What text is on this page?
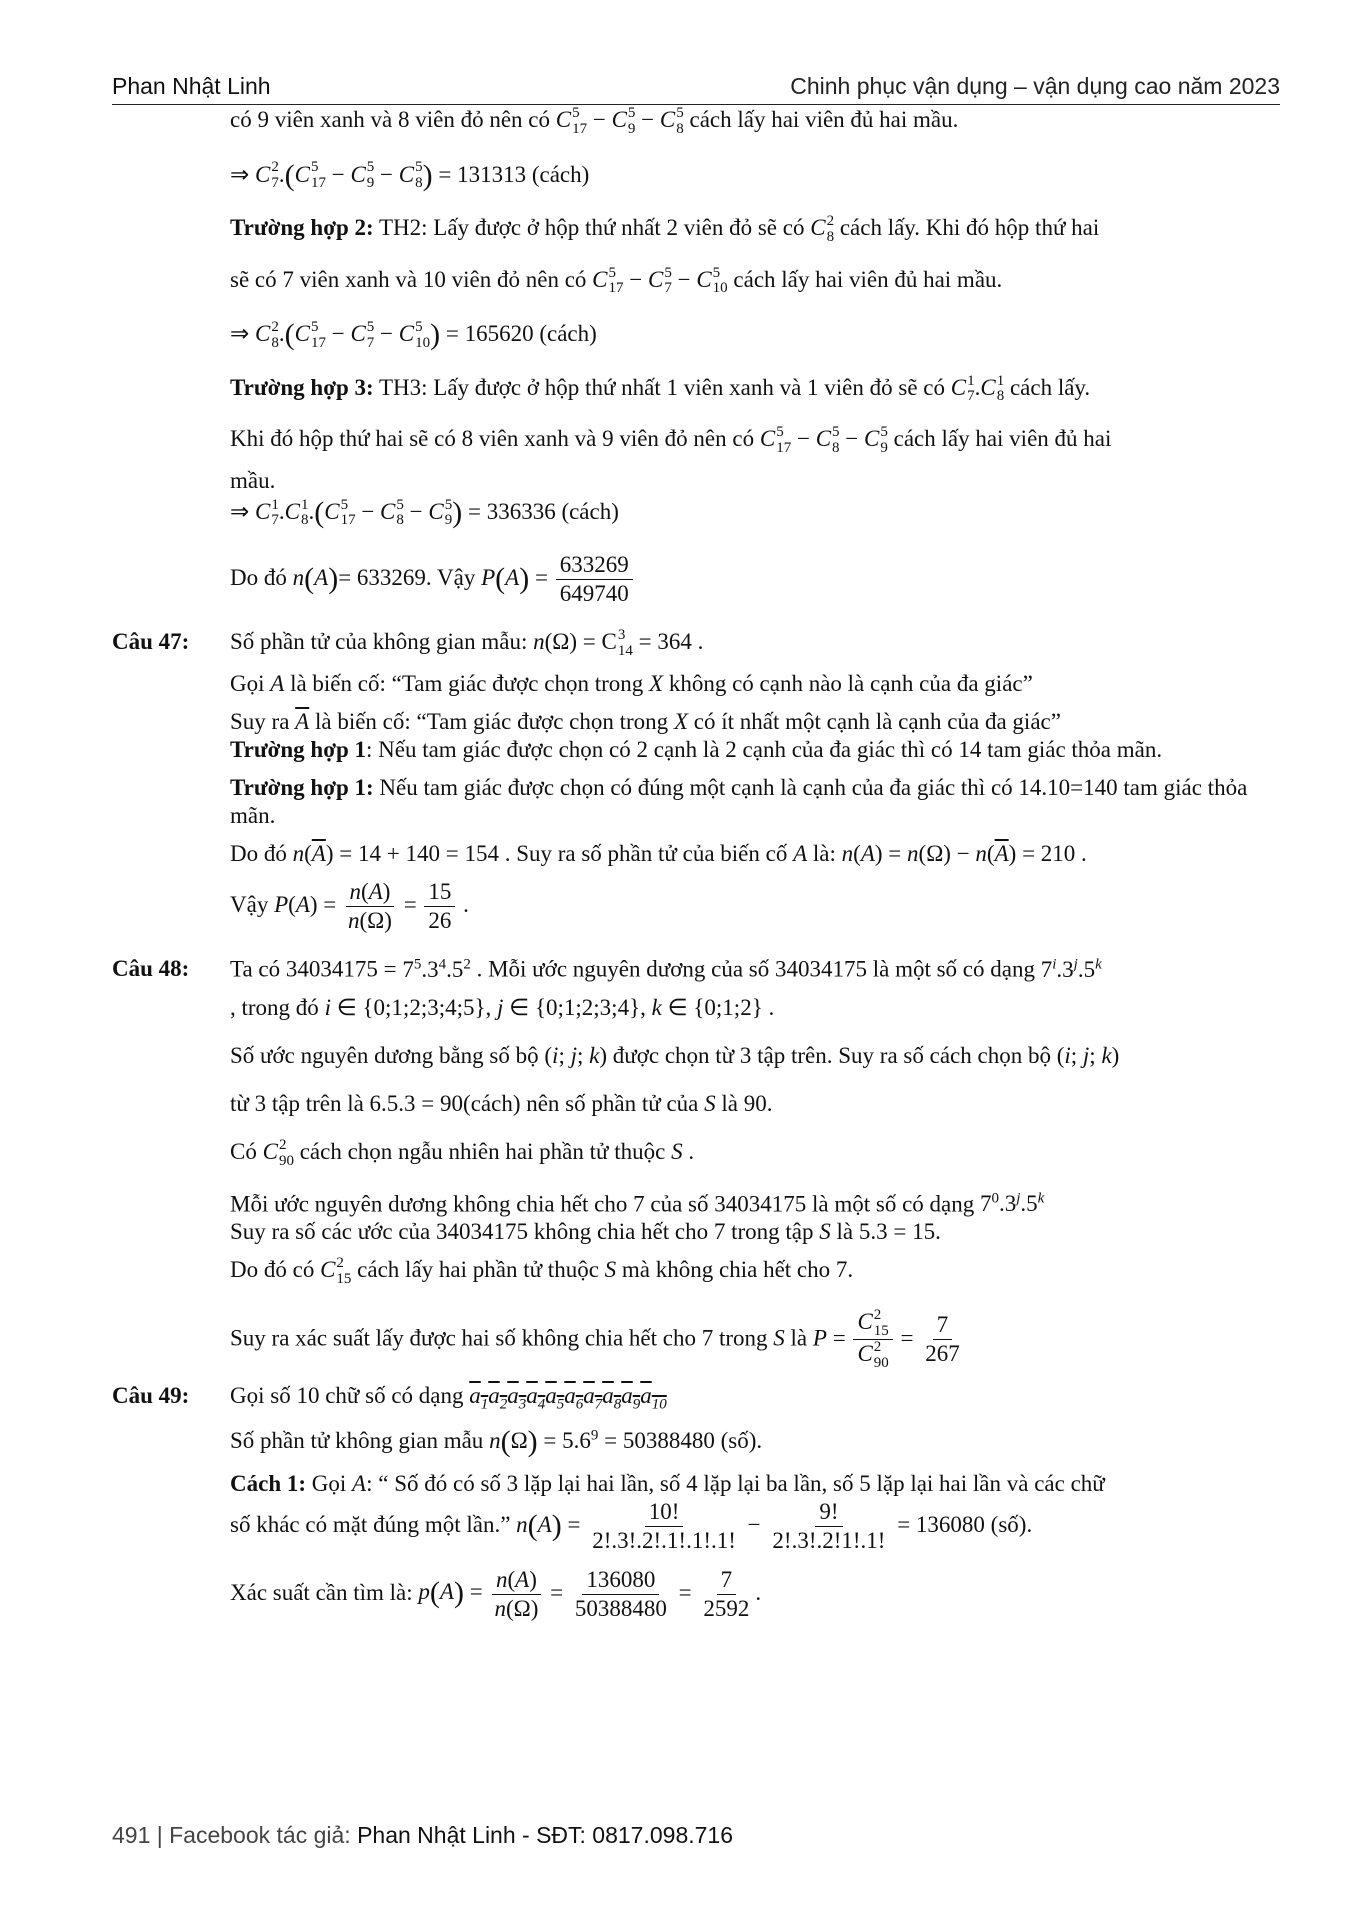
Phan Nhật Linh	Chinh phục vận dụng – vận dụng cao năm 2023

có 9 viên xanh và 8 viên đỏ nên có C 5
17 − C 5
9 − C 5
8 cách lấy hai viên đủ hai mầu.

⇒ C 2
7 .(C 5
17 − C 5
9 − C 5
8 ) = 131313 (cách)

Trường hợp 2: TH2: Lấy được ở hộp thứ nhất 2 viên đỏ sẽ có C 2
8 cách lấy. Khi đó hộp thứ hai

sẽ có 7 viên xanh và 10 viên đỏ nên có C 5
17 − C 5
7 − C 5
10 cách lấy hai viên đủ hai mầu.

⇒ C 2
8 .(C 5
17 − C 5
7 − C 5
10 ) = 165620 (cách)

Trường hợp 3: TH3: Lấy được ở hộp thứ nhất 1 viên xanh và 1 viên đỏ sẽ có C 1
7 .C 1
8 cách lấy.

Khi đó hộp thứ hai sẽ có 8 viên xanh và 9 viên đỏ nên có C 5
17 − C 5
8 − C 5
9 cách lấy hai viên đủ hai

mầu.

⇒ C 1
7 .C 1
8 .(C 5
17 − C 5
8 − C 5
9 ) = 336336 (cách)

Do đó n(A)= 633269. Vậy $P(A) = \frac{633269}{649740}$

Câu 47: Số phần tử của không gian mẫu: n(Ω) = C 3
14 = 364 .

Gọi A là biến cố: “Tam giác được chọn trong X không có cạnh nào là cạnh của đa giác”

Suy ra $\overline{A}$ là biến cố: “Tam giác được chọn trong X có ít nhất một cạnh là cạnh của đa giác”

Trường hợp 1: Nếu tam giác được chọn có 2 cạnh là 2 cạnh của đa giác thì có 14 tam giác thỏa mãn.

Trường hợp 1: Nếu tam giác được chọn có đúng một cạnh là cạnh của đa giác thì có 14.10=140 tam giác thỏa mãn.

Do đó $n(\overline{A}) = 14 + 140 = 154$ . Suy ra số phần tử của biến cố A là: $n(A) = n(\Omega) - n(\overline{A}) = 210$ .

Vậy $P(A) = \frac{n(A)}{n(\Omega)} = \frac{15}{26}$ .

Câu 48: Ta có $34034175 = 7^5.3^4.5^2$ . Mỗi ước nguyên dương của số 34034175 là một số có dạng 7$^i$.3$^j$.5$^k$

, trong đó i ∈ {0;1;2;3;4;5}, j ∈ {0;1;2;3;4}, k ∈ {0;1;2} .

Số ước nguyên dương bằng số bộ (i; j; k) được chọn từ 3 tập trên. Suy ra số cách chọn bộ (i; j; k)

từ 3 tập trên là 6.5.3 = 90(cách) nên số phần tử của S là 90.

Có C 2
90 cách chọn ngẫu nhiên hai phần tử thuộc S .

Mỗi ước nguyên dương không chia hết cho 7 của số 34034175 là một số có dạng $7^0.3^j.5^k$

Suy ra số các ước của 34034175 không chia hết cho 7 trong tập S là 5.3 = 15.

Do đó có C 2
15 cách lấy hai phần tử thuộc S mà không chia hết cho 7.

Suy ra xác suất lấy được hai số không chia hết cho 7 trong S là P = C 2
15
C 2
$90 = \frac{7}{267}$

Câu 49: Gọi số 10 chữ số có dạng $a_1a_2a_3a_4a_5a_6a_7a_8a_9a_{10}$

Số phần tử không gian mẫu $n(\Omega) = 5.6^9 = 50388480$ (số).

Cách 1: Gọi A: “ Số đó có số 3 lặp lại hai lần, số 4 lặp lại ba lần, số 5 lặp lại hai lần và các chữ

số khác có mặt đúng một lần.” $n(A) = \frac{10!}{2!.3!.2!.1!.1!.1!} - \frac{9!}{2!.3!.2!1!.1!} = 136080$ (số).

Xác suất cần tìm là: $p(A) = \frac{n(A)}{n(\Omega)} = \frac{136080}{50388480} = \frac{7}{2592}$ .

491 | Facebook tác giả: Phan Nhật Linh - SĐT: 0817.098.716
